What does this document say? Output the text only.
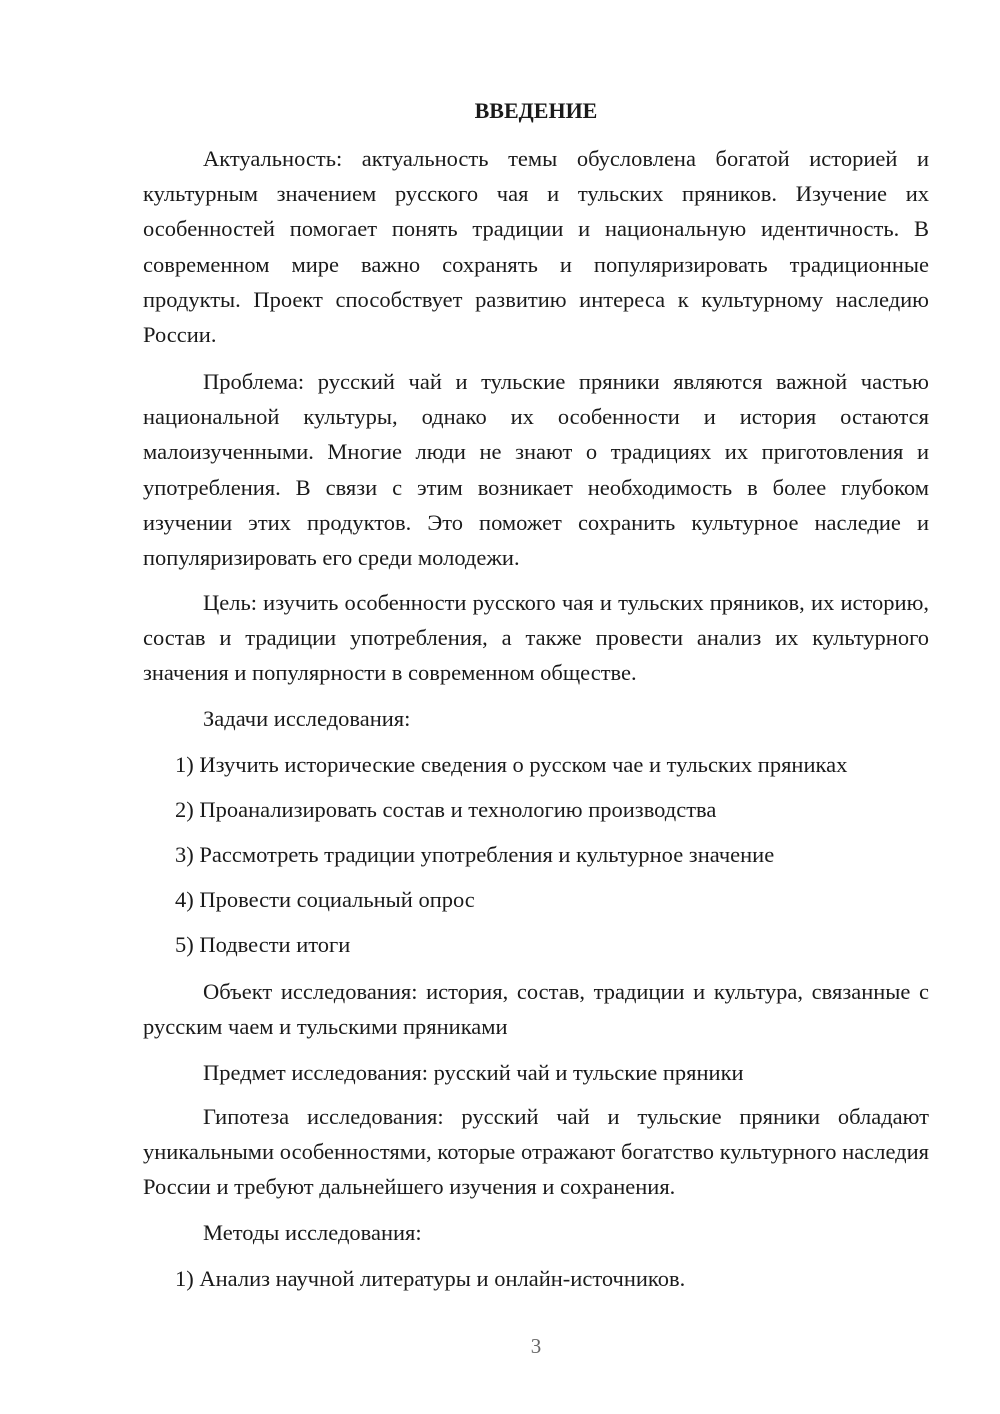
ВВЕДЕНИЕ

Актуальность: актуальность темы обусловлена богатой историей и культурным значением русского чая и тульских пряников. Изучение их особенностей помогает понять традиции и национальную идентичность. В современном мире важно сохранять и популяризировать традиционные продукты. Проект способствует развитию интереса к культурному наследию России.

Проблема: русский чай и тульские пряники являются важной частью национальной культуры, однако их особенности и история остаются малоизученными. Многие люди не знают о традициях их приготовления и употребления. В связи с этим возникает необходимость в более глубоком изучении этих продуктов. Это поможет сохранить культурное наследие и популяризировать его среди молодежи.

Цель: изучить особенности русского чая и тульских пряников, их историю, состав и традиции употребления, а также провести анализ их культурного значения и популярности в современном обществе.

Задачи исследования:

1) Изучить исторические сведения о русском чае и тульских пряниках

2) Проанализировать состав и технологию производства

3) Рассмотреть традиции употребления и культурное значение

4) Провести социальный опрос

5) Подвести итоги

Объект исследования: история, состав, традиции и культура, связанные с русским чаем и тульскими пряниками

Предмет исследования: русский чай и тульские пряники

Гипотеза исследования: русский чай и тульские пряники обладают уникальными особенностями, которые отражают богатство культурного наследия России и требуют дальнейшего изучения и сохранения.

Методы исследования:

1) Анализ научной литературы и онлайн-источников.

3
